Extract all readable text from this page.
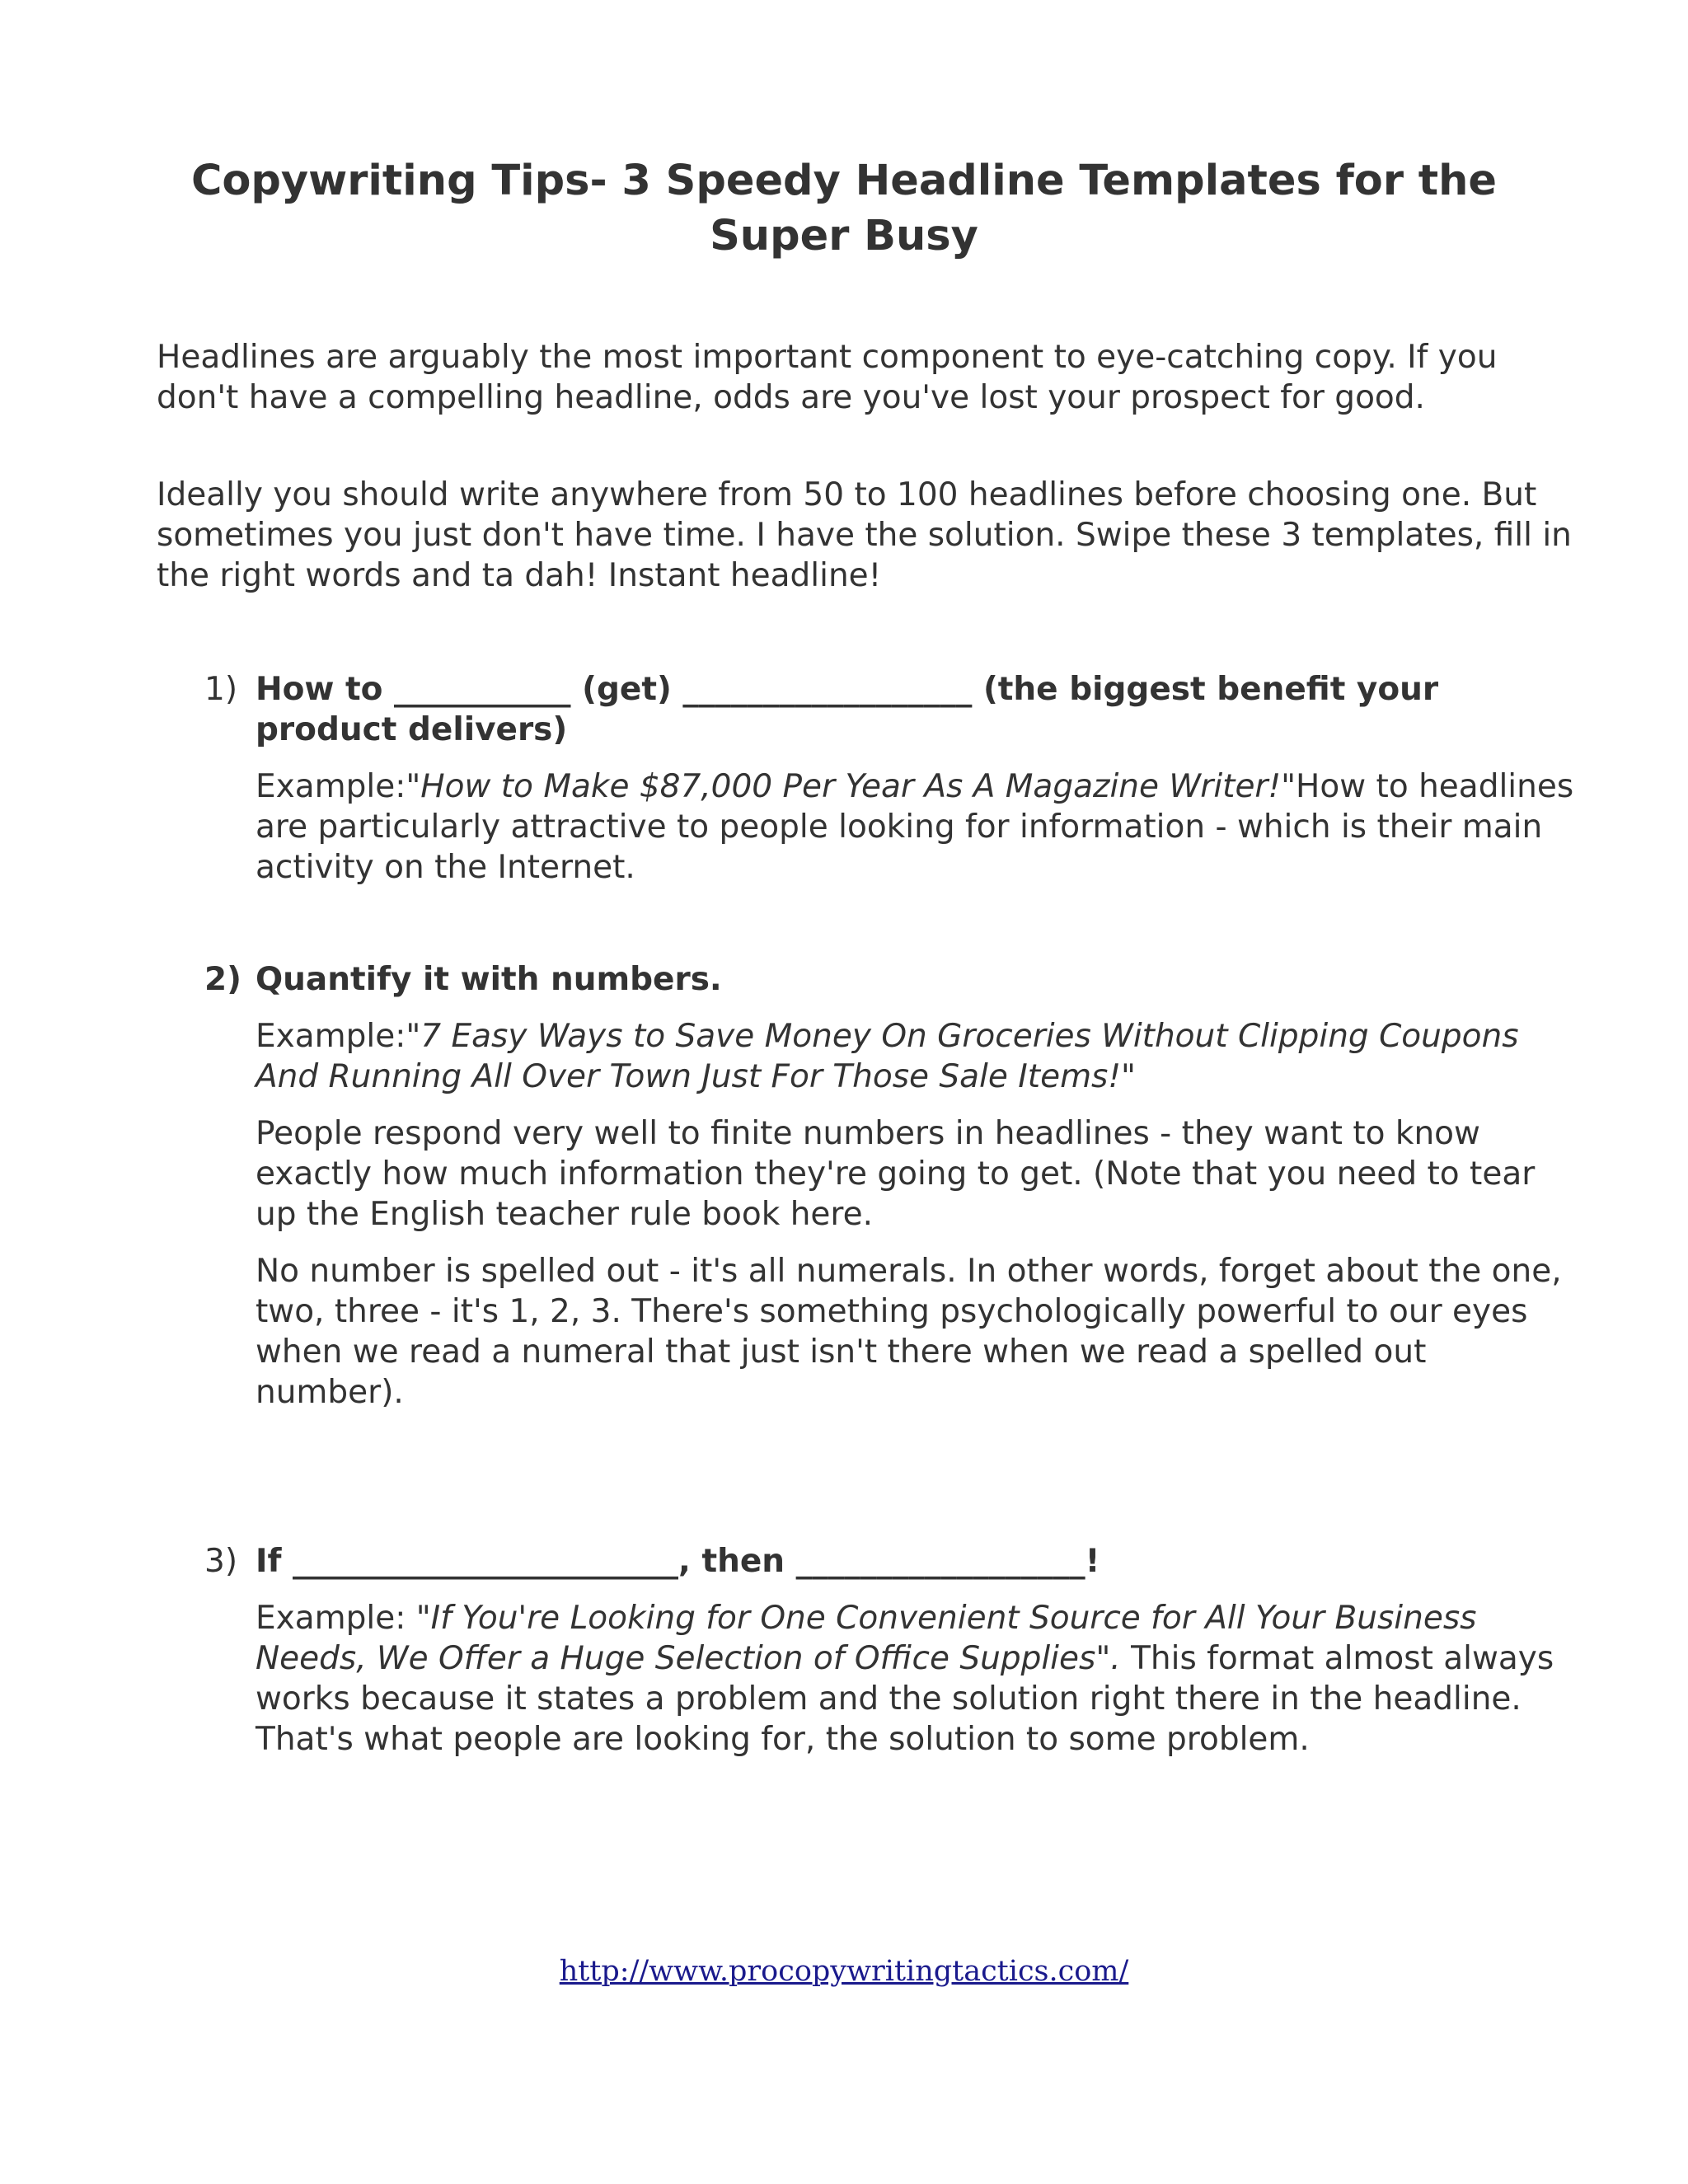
Copywriting Tips- 3 Speedy Headline Templates for the Super Busy

Headlines are arguably the most important component to eye-catching copy. If you don't have a compelling headline, odds are you've lost your prospect for good.

Ideally you should write anywhere from 50 to 100 headlines before choosing one. But sometimes you just don't have time. I have the solution. Swipe these 3 templates, fill in the right words and ta dah! Instant headline!

1) How to ___________ (get) __________________ (the biggest benefit your product delivers)

Example:"How to Make $87,000 Per Year As A Magazine Writer!"How to headlines are particularly attractive to people looking for information - which is their main activity on the Internet.

2) Quantify it with numbers.

Example:"7 Easy Ways to Save Money On Groceries Without Clipping Coupons And Running All Over Town Just For Those Sale Items!"

People respond very well to finite numbers in headlines - they want to know exactly how much information they're going to get. (Note that you need to tear up the English teacher rule book here.

No number is spelled out - it's all numerals. In other words, forget about the one, two, three - it's 1, 2, 3. There's something psychologically powerful to our eyes when we read a numeral that just isn't there when we read a spelled out number).

3) If ________________________, then __________________!

Example: "If You're Looking for One Convenient Source for All Your Business Needs, We Offer a Huge Selection of Office Supplies". This format almost always works because it states a problem and the solution right there in the headline. That's what people are looking for, the solution to some problem.

http://www.procopywritingtactics.com/
